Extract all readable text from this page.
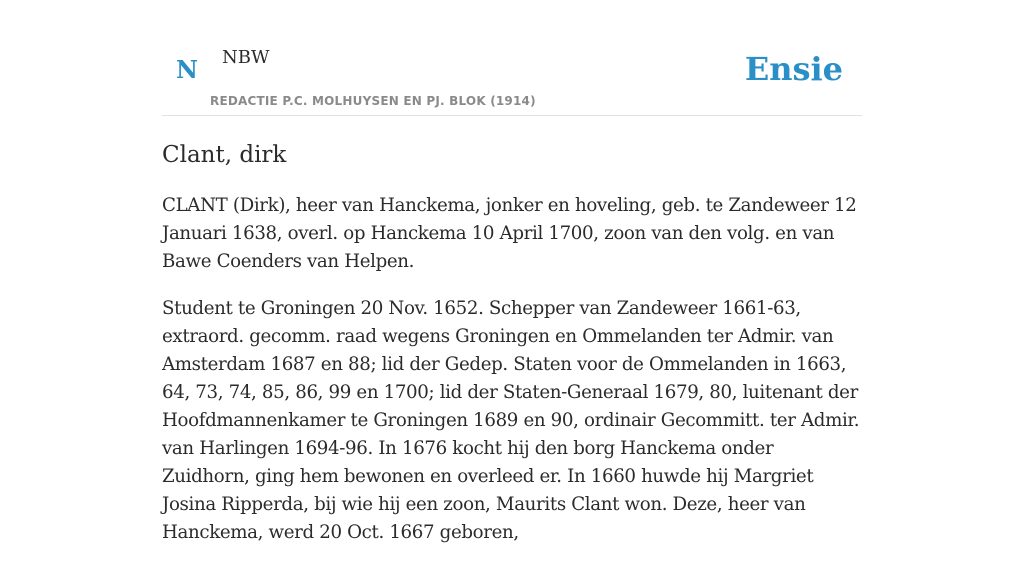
N NBW
REDACTIE P.C. MOLHUYSEN EN PJ. BLOK (1914)
Ensie
Clant, dirk

CLANT (Dirk), heer van Hanckema, jonker en hoveling, geb. te Zandeweer 12 Januari 1638, overl. op Hanckema 10 April 1700, zoon van den volg. en van Bawe Coenders van Helpen.

Student te Groningen 20 Nov. 1652. Schepper van Zandeweer 1661-63, extraord. gecomm. raad wegens Groningen en Ommelanden ter Admir. van Amsterdam 1687 en 88; lid der Gedep. Staten voor de Ommelanden in 1663, 64, 73, 74, 85, 86, 99 en 1700; lid der Staten-Generaal 1679, 80, luitenant der Hoofdmannenkamer te Groningen 1689 en 90, ordinair Gecommitt. ter Admir. van Harlingen 1694-96. In 1676 kocht hij den borg Hanckema onder Zuidhorn, ging hem bewonen en overleed er. In 1660 huwde hij Margriet Josina Ripperda, bij wie hij een zoon, Maurits Clant won. Deze, heer van Hanckema, werd 20 Oct. 1667 geboren,
